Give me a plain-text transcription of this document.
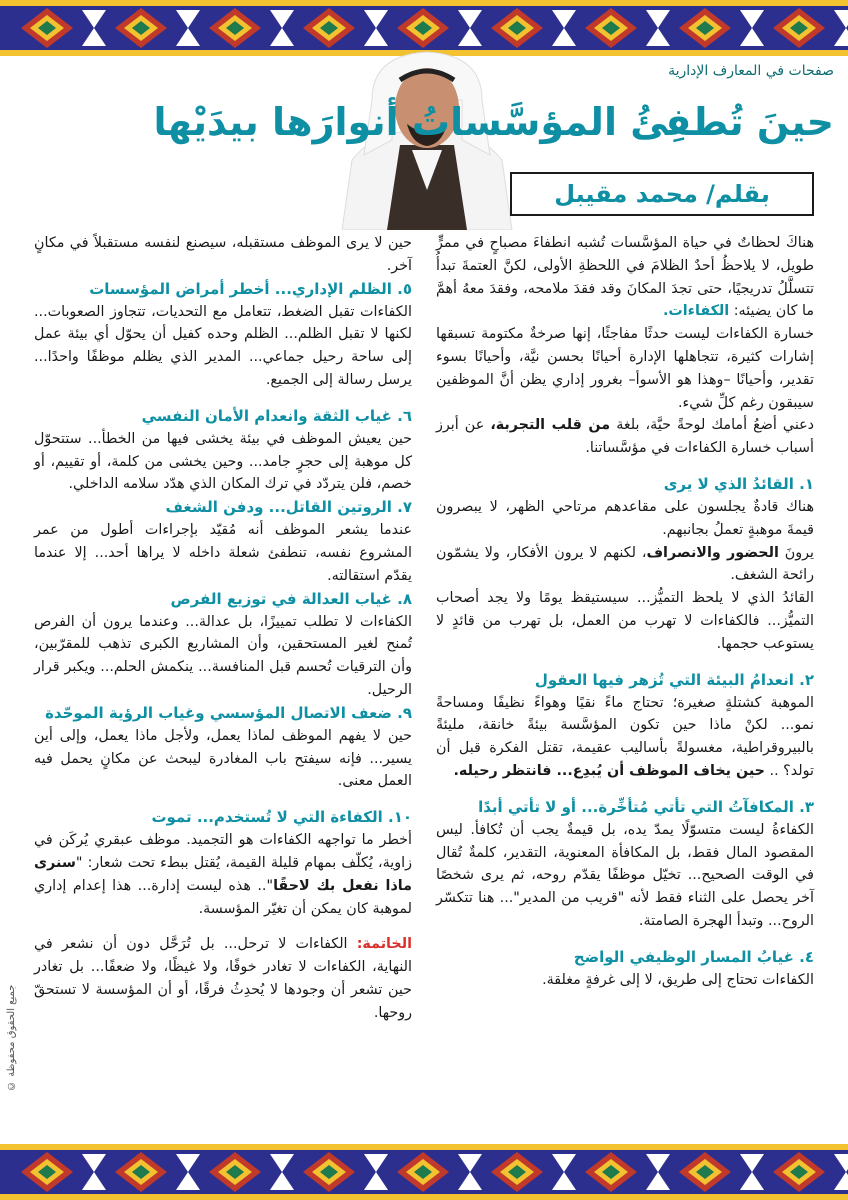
صفحات في المعارف الإدارية
حينَ تُطفِئُ المؤسَّساتُ أنوارَها بيدَيْها
بقلم/ محمد مقيبل

هناكَ لحظاتٌ في حياة المؤسَّسات تُشبه انطفاءَ مصباحٍ في ممرٍّ طويل، لا يلاحظُ أحدٌ الظلامَ في اللحظةِ الأولى، لكنَّ العتمةَ تبدأُ تتسلَّلُ تدريجيًا، حتى تجدَ المكانَ وقد فقدَ ملامحه، وفقدَ معهُ أهمَّ ما كان يضيئه: الكفاءات.

خسارة الكفاءات ليست حدثًا مفاجئًا، إنها صرخةٌ مكتومة تسبقها إشارات كثيرة، تتجاهلها الإدارة أحيانًا بحسن نيَّة، وأحيانًا بسوء تقدير، وأحيانًا –وهذا هو الأسوأ– بغرور إداري يظن أنَّ الموظفين سيبقون رغم كلِّ شيء.

دعني أضعُ أمامك لوحةً حيَّة، بلغة من قلب التجربة، عن أبرز أسباب خسارة الكفاءات في مؤسَّساتنا.

١. القائدُ الذي لا يرى

هناك قادةٌ يجلسون على مقاعدهم مرتاحي الظهر، لا يبصرون قيمةَ موهبةٍ تعملُ بجانبهم.

يرونَ الحضور والانصراف، لكنهم لا يرون الأفكار، ولا يشمّون رائحة الشغف.

القائدُ الذي لا يلحظ التميُّز... سيستيقظ يومًا ولا يجد أصحاب التميُّز... فالكفاءات لا تهرب من العمل، بل تهرب من قائدٍ لا يستوعب حجمها.

٢. انعدامُ البيئة التي تُزهر فيها العقول

الموهبة كشتلةٍ صغيرة؛ تحتاج ماءً نقيًا وهواءً نظيفًا ومساحةً نمو... لكنْ ماذا حين تكون المؤسَّسة بيئةً خانقة، مليئةً بالبيروقراطية، مغسولةً بأساليب عقيمة، تقتل الفكرة قبل أن تولد؟ .. حين يخاف الموظف أن يُبدِع... فانتظر رحيله.

٣. المكافآتُ التي تأتي مُتأخِّرة... أو لا تأتي أبدًا

الكفاءةُ ليست متسوّلًا يمدّ يده، بل قيمةٌ يجب أن تُكافأ. ليس المقصود المال فقط، بل المكافأة المعنوية، التقدير، كلمةٌ تُقال في الوقت الصحيح... تخيّل موظفًا يقدّم روحه، ثم يرى شخصًا آخر يحصل على الثناء فقط لأنه "قريب من المدير"... هنا تتكسّر الروح... وتبدأ الهجرة الصامتة.

٤. غيابُ المسار الوظيفي الواضح

الكفاءات تحتاج إلى طريق، لا إلى غرفةٍ مغلقة.

حين لا يرى الموظف مستقبله، سيصنع لنفسه مستقبلاً في مكانٍ آخر.

٥. الظلم الإداري... أخطر أمراض المؤسسات

الكفاءات تقبل الضغط، تتعامل مع التحديات، تتجاوز الصعوبات... لكنها لا تقبل الظلم... الظلم وحده كفيل أن يحوّل أي بيئة عمل إلى ساحة رحيل جماعي... المدير الذي يظلم موظفًا واحدًا... يرسل رسالة إلى الجميع.

٦. غياب الثقة وانعدام الأمان النفسي

حين يعيش الموظف في بيئة يخشى فيها من الخطأ... ستتحوّل كل موهبة إلى حجرٍ جامد... وحين يخشى من كلمة، أو تقييم، أو خصم، فلن يتردّد في ترك المكان الذي هدّد سلامه الداخلي.

٧. الروتين القاتل... ودفن الشغف

عندما يشعر الموظف أنه مُقيّد بإجراءات أطول من عمر المشروع نفسه، تنطفئ شعلة داخله لا يراها أحد... إلا عندما يقدّم استقالته.

٨. غياب العدالة في توزيع الفرص

الكفاءات لا تطلب تمييزًا، بل عدالة... وعندما يرون أن الفرص تُمنح لغير المستحقين، وأن المشاريع الكبرى تذهب للمقرّبين، وأن الترقيات تُحسم قبل المنافسة... ينكمش الحلم... ويكبر قرار الرحيل.

٩. ضعف الاتصال المؤسسي وغياب الرؤية الموحّدة

حين لا يفهم الموظف لماذا يعمل، ولأجل ماذا يعمل، وإلى أين يسير... فإنه سيفتح باب المغادرة ليبحث عن مكانٍ يحمل فيه العمل معنى.

١٠. الكفاءة التي لا تُستخدم... تموت

أخطر ما تواجهه الكفاءات هو التجميد. موظف عبقري يُركَن في زاوية، يُكلّف بمهام قليلة القيمة، يُقتل ببطء تحت شعار: "سنرى ماذا نفعل بك لاحقًا".. هذه ليست إدارة... هذا إعدام إداري لموهبة كان يمكن أن تغيّر المؤسسة.

الخاتمة: الكفاءات لا ترحل... بل تُرَحَّل دون أن نشعر في النهاية، الكفاءات لا تغادر خوفًا، ولا غيظًا، ولا ضعفًا... بل تغادر حين تشعر أن وجودها لا يُحدِثُ فرقًا، أو أن المؤسسة لا تستحقّ روحها.

جميع الحقوق محفوظة ©
